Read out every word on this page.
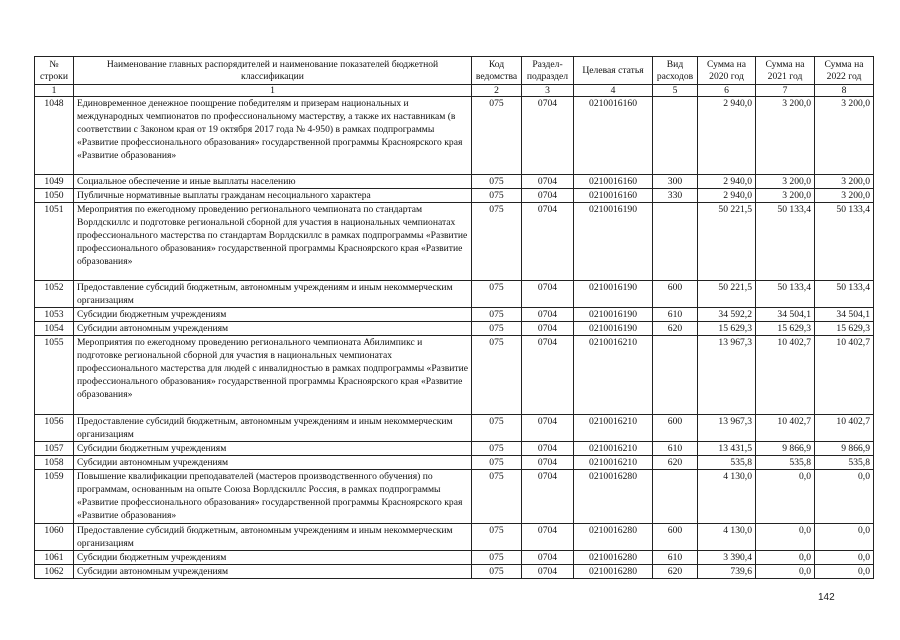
№ строки	Наименование главных распорядителей и наименование показателей бюджетной классификации	Код ведомства	Раздел-подраздел	Целевая статья	Вид расходов	Сумма на 2020 год	Сумма на 2021 год	Сумма на 2022 год
1	1	2	3	4	5	6	7	8
1048	Единовременное денежное поощрение победителям и призерам национальных и международных чемпионатов по профессиональному мастерству, а также их наставникам (в соответствии с Законом края от 19 октября 2017 года № 4-950) в рамках подпрограммы «Развитие профессионального образования» государственной программы Красноярского края «Развитие образования»	075	0704	0210016160		2 940,0	3 200,0	3 200,0
1049	Социальное обеспечение и иные выплаты населению	075	0704	0210016160	300	2 940,0	3 200,0	3 200,0
1050	Публичные нормативные выплаты гражданам несоциального характера	075	0704	0210016160	330	2 940,0	3 200,0	3 200,0
1051	Мероприятия по ежегодному проведению регионального чемпионата по стандартам Ворлдскиллс и подготовке региональной сборной для участия в национальных чемпионатах профессионального мастерства по стандартам Ворлдскиллс в рамках подпрограммы «Развитие профессионального образования» государственной программы Красноярского края «Развитие образования»	075	0704	0210016190		50 221,5	50 133,4	50 133,4
1052	Предоставление субсидий бюджетным, автономным учреждениям и иным некоммерческим организациям	075	0704	0210016190	600	50 221,5	50 133,4	50 133,4
1053	Субсидии бюджетным учреждениям	075	0704	0210016190	610	34 592,2	34 504,1	34 504,1
1054	Субсидии автономным учреждениям	075	0704	0210016190	620	15 629,3	15 629,3	15 629,3
1055	Мероприятия по ежегодному проведению регионального чемпионата Абилимпикс и подготовке региональной сборной для участия в национальных чемпионатах профессионального мастерства для людей с инвалидностью в рамках подпрограммы «Развитие профессионального образования» государственной программы Красноярского края «Развитие образования»	075	0704	0210016210		13 967,3	10 402,7	10 402,7
1056	Предоставление субсидий бюджетным, автономным учреждениям и иным некоммерческим организациям	075	0704	0210016210	600	13 967,3	10 402,7	10 402,7
1057	Субсидии бюджетным учреждениям	075	0704	0210016210	610	13 431,5	9 866,9	9 866,9
1058	Субсидии автономным учреждениям	075	0704	0210016210	620	535,8	535,8	535,8
1059	Повышение квалификации преподавателей (мастеров производственного обучения) по программам, основанным на опыте Союза Ворлдскиллс Россия, в рамках подпрограммы «Развитие профессионального образования» государственной программы Красноярского края «Развитие образования»	075	0704	0210016280		4 130,0	0,0	0,0
1060	Предоставление субсидий бюджетным, автономным учреждениям и иным некоммерческим организациям	075	0704	0210016280	600	4 130,0	0,0	0,0
1061	Субсидии бюджетным учреждениям	075	0704	0210016280	610	3 390,4	0,0	0,0
1062	Субсидии автономным учреждениям	075	0704	0210016280	620	739,6	0,0	0,0
142
